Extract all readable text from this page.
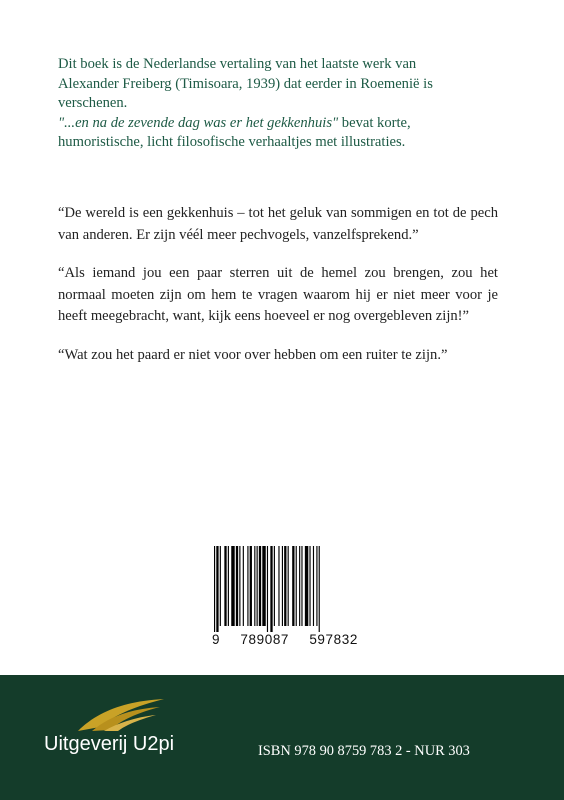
Dit boek is de Nederlandse vertaling van het laatste werk van

Alexander Freiberg (Timisoara, 1939) dat eerder in Roemenië is

verschenen.

"...en na de zevende dag was er het gekkenhuis" bevat korte,

humoristische, licht filosofische verhaaltjes met illustraties.

“De wereld is een gekkenhuis – tot het geluk van sommigen en tot de pech van anderen. Er zijn véél meer pechvogels, vanzelfsprekend.”

“Als iemand jou een paar sterren uit de hemel zou brengen, zou het normaal moeten zijn om hem te vragen waarom hij er niet meer voor je heeft meegebracht, want, kijk eens hoeveel er nog overgebleven zijn!”

“Wat zou het paard er niet voor over hebben om een ruiter te zijn.”

9 789087 597832
Uitgeverij U2pi	ISBN 978 90 8759 783 2 - NUR 303
